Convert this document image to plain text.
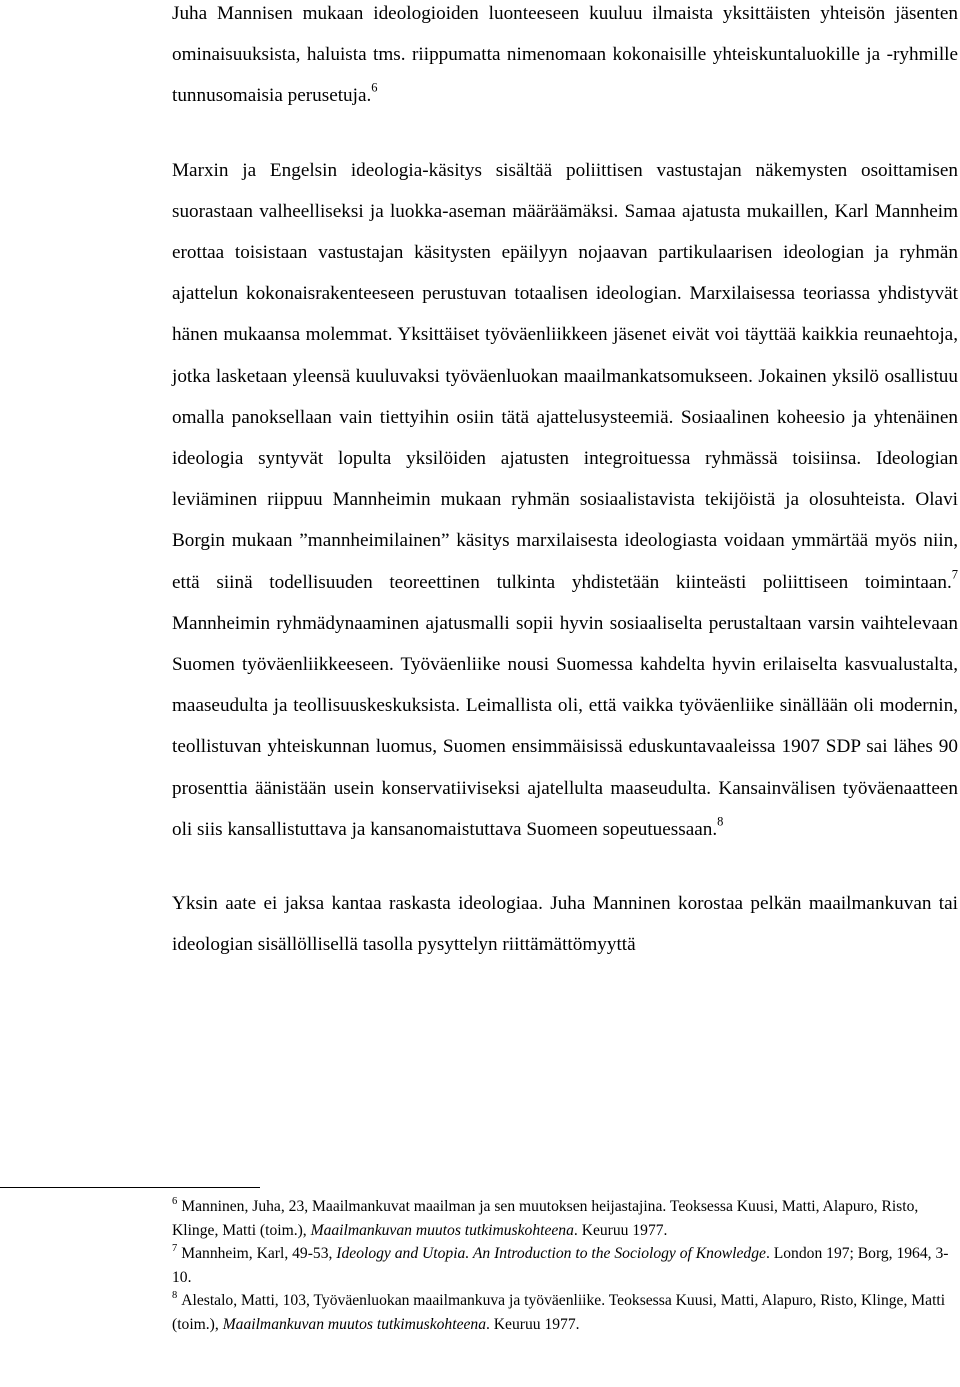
Juha Mannisen mukaan ideologioiden luonteeseen kuuluu ilmaista yksittäisten yhteisön jäsenten ominaisuuksista, haluista tms. riippumatta nimenomaan kokonaisille yhteiskuntaluokille ja -ryhmille tunnusomaisia perusetuja.$^6$

Marxin ja Engelsin ideologia-käsitys sisältää poliittisen vastustajan näkemysten osoittamisen suorastaan valheelliseksi ja luokka-aseman määräämäksi. Samaa ajatusta mukaillen, Karl Mannheim erottaa toisistaan vastustajan käsitysten epäilyyn nojaavan partikulaarisen ideologian ja ryhmän ajattelun kokonaisrakenteeseen perustuvan totaalisen ideologian. Marxilaisessa teoriassa yhdistyvät hänen mukaansa molemmat. Yksittäiset työväenliikkeen jäsenet eivät voi täyttää kaikkia reunaehtoja, jotka lasketaan yleensä kuuluvaksi työväenluokan maailmankatsomukseen. Jokainen yksilö osallistuu omalla panoksellaan vain tiettyihin osiin tätä ajattelusysteemiä. Sosiaalinen koheesio ja yhtenäinen ideologia syntyvät lopulta yksilöiden ajatusten integroituessa ryhmässä toisiinsa. Ideologian leviäminen riippuu Mannheimin mukaan ryhmän sosiaalistavista tekijöistä ja olosuhteista. Olavi Borgin mukaan ”mannheimilainen” käsitys marxilaisesta ideologiasta voidaan ymmärtää myös niin, että siinä todellisuuden teoreettinen tulkinta yhdistetään kiinteästi poliittiseen toimintaan.$^7$ Mannheimin ryhmädynaaminen ajatusmalli sopii hyvin sosiaaliselta perustaltaan varsin vaihtelevaan Suomen työväenliikkeeseen. Työväenliike nousi Suomessa kahdelta hyvin erilaiselta kasvualustalta, maaseudulta ja teollisuuskeskuksista. Leimallista oli, että vaikka työväenliike sinällään oli modernin, teollistuvan yhteiskunnan luomus, Suomen ensimmäisissä eduskuntavaaleissa 1907 SDP sai lähes 90 prosenttia äänistään usein konservatiiviseksi ajatellulta maaseudulta. Kansainvälisen työväenaatteen oli siis kansallistuttava ja kansanomaistuttava Suomeen sopeutuessaan.$^8$

Yksin aate ei jaksa kantaa raskasta ideologiaa. Juha Manninen korostaa pelkän maailmankuvan tai ideologian sisällöllisellä tasolla pysyttelyn riittämättömyyttä

$^6$ Manninen, Juha, 23, Maailmankuvat maailman ja sen muutoksen heijastajina. Teoksessa Kuusi, Matti, Alapuro, Risto, Klinge, Matti (toim.), Maailmankuvan muutos tutkimuskohteena. Keuruu 1977.

$^7$ Mannheim, Karl, 49-53, Ideology and Utopia. An Introduction to the Sociology of Knowledge. London 197; Borg, 1964, 3-10.

$^8$ Alestalo, Matti, 103, Työväenluokan maailmankuva ja työväenliike. Teoksessa Kuusi, Matti, Alapuro, Risto, Klinge, Matti (toim.), Maailmankuvan muutos tutkimuskohteena. Keuruu 1977.
